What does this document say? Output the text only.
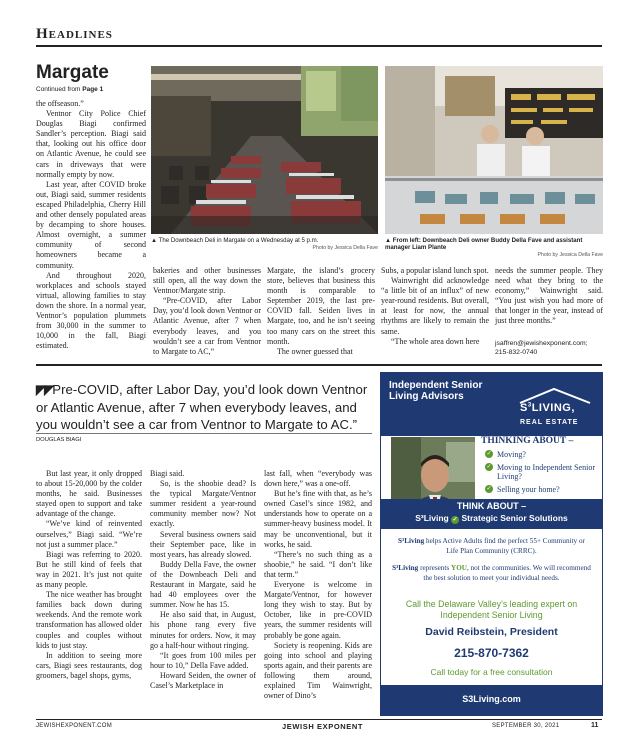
Headlines
Margate
Continued from Page 1

the offseason.”

Ventnor City Police Chief Douglas Biagi confirmed Sandler’s perception. Biagi said that, looking out his office door on Atlantic Avenue, he could see cars in driveways that were normally empty by now.

Last year, after COVID broke out, Biagi said, summer residents escaped Philadelphia, Cherry Hill and other densely populated areas by decamping to shore houses. Almost overnight, a summer community of second homeowners became a community.

And throughout 2020, workplaces and schools stayed virtual, allowing families to stay down the shore. In a normal year, Ventnor’s population plummets from 30,000 in the summer to 10,000 in the fall, Biagi estimated.

▲ The Downbeach Deli in Margate on a Wednesday at 5 p.m.
Photo by Jessica Della Fave
▲ From left: Downbeach Deli owner Buddy Della Fave and assistant manager Liam Plante
Photo by Jessica Della Fave

bakeries and other businesses still open, all the way down the Ventnor/Margate strip.

“Pre-COVID, after Labor Day, you’d look down Ventnor or Atlantic Avenue, after 7 when everybody leaves, and you wouldn’t see a car from Ventnor to Margate to AC,”

Margate, the island’s grocery store, believes that business this month is comparable to September 2019, the last pre-COVID fall. Seiden lives in Margate, too, and he isn’t seeing too many cars on the street this month.

The owner guessed that

Subs, a popular island lunch spot.

Wainwright did acknowledge “a little bit of an influx” of new year-round residents. But overall, at least for now, the annual rhythms are likely to remain the same.

“The whole area down here

needs the summer people. They need what they bring to the economy,” Wainwright said. “You just wish you had more of that longer in the year, instead of just three months.”

jsaffren@jewishexponent.com;
215-832-0740
◤◤Pre-COVID, after Labor Day, you’d look down Ventnor or Atlantic Avenue, after 7 when everybody leaves, and you wouldn’t see a car from Ventnor to Margate to AC.”
DOUGLAS BIAGI

But last year, it only dropped to about 15-20,000 by the colder months, he said. Businesses stayed open to support and take advantage of the change.

“We’ve kind of reinvented ourselves,” Biagi said. “We’re not just a summer place.”

Biagi was referring to 2020. But he still kind of feels that way in 2021. It’s just not quite as many people.

The nice weather has brought families back down during weekends. And the remote work transformation has allowed older couples and couples without kids to just stay.

In addition to seeing more cars, Biagi sees restaurants, dog groomers, bagel shops, gyms,

Biagi said.

So, is the shoobie dead? Is the typical Margate/Ventnor summer resident a year-round community member now? Not exactly.

Several business owners said their September pace, like in most years, has already slowed.

Buddy Della Fave, the owner of the Downbeach Deli and Restaurant in Margate, said he had 40 employees over the summer. Now he has 15.

He also said that, in August, his phone rang every five minutes for orders. Now, it may go a half-hour without ringing.

“It goes from 100 miles per hour to 10,” Della Fave added.

Howard Seiden, the owner of Casel’s Marketplace in

last fall, when “everybody was down here,” was a one-off.

But he’s fine with that, as he’s owned Casel’s since 1982, and understands how to operate on a summer-heavy business model. It may be unconventional, but it works, he said.

“There’s no such thing as a shoobie,” he said. “I don’t like that term.”

Everyone is welcome in Margate/Ventnor, for however long they wish to stay. But by October, like in pre-COVID years, the summer residents will probably be gone again.

Society is reopening. Kids are going into school and playing sports again, and their parents are following them around, explained Tim Wainwright, owner of Dino’s

Independent Senior
Living Advisors
$S^3LIVING$,
REAL ESTATE
THINKING ABOUT –
✓ Moving?
✓ Moving to Independent Senior Living?
✓ Selling your home?
THINK ABOUT –
S³Living ✓ Strategic Senior Solutions
S³Living helps Active Adults find the perfect 55+ Community or Life Plan Community (CRRC).
S³Living represents YOU, not the communities. We will recommend the best solution to meet your individual needs.
Call the Delaware Valley’s leading expert on Independent Senior Living
David Reibstein, President
215-870-7362
Call today for a free consultation
S3Living.com
JEWISHEXPONENT.COM	JEWISH EXPONENT	SEPTEMBER 30, 2021	11
